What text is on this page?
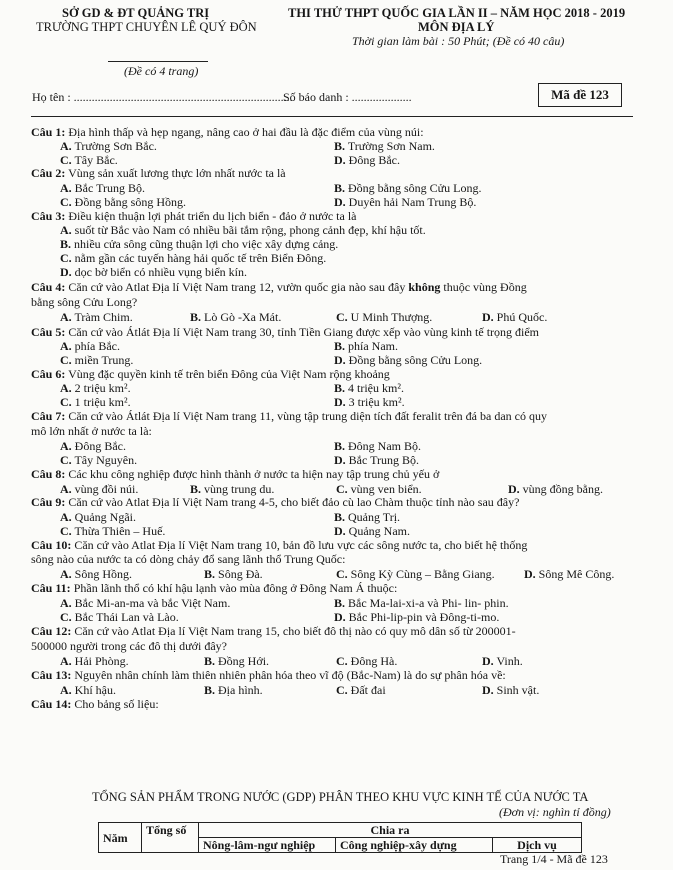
SỞ GD & ĐT QUẢNG TRỊ
TRƯỜNG THPT CHUYÊN LÊ QUÝ ĐÔN
THI THỬ THPT QUỐC GIA LẦN II – NĂM HỌC 2018 - 2019
MÔN ĐỊA LÝ
Thời gian làm bài : 50 Phút; (Đề có 40 câu)
(Đề có 4 trang)
Họ tên : .........................................................................
Số báo danh : ....................	Mã đề 123
Câu 1: Địa hình thấp và hẹp ngang, nâng cao ở hai đầu là đặc điểm của vùng núi:
A. Trường Sơn Bắc.	B. Trường Sơn Nam.
C. Tây Bắc.	D. Đông Bắc.
Câu 2: Vùng sản xuất lương thực lớn nhất nước ta là
A. Bắc Trung Bộ.	B. Đồng bằng sông Cửu Long.
C. Đồng bằng sông Hồng.	D. Duyên hải Nam Trung Bộ.
Câu 3: Điều kiện thuận lợi phát triển du lịch biển - đảo ở nước ta là
A. suốt từ Bắc vào Nam có nhiều bãi tắm rộng, phong cảnh đẹp, khí hậu tốt.
B. nhiều cửa sông cũng thuận lợi cho việc xây dựng cảng.
C. nằm gần các tuyến hàng hải quốc tế trên Biển Đông.
D. dọc bờ biển có nhiều vụng biển kín.
Câu 4: Căn cứ vào Atlat Địa lí Việt Nam trang 12, vườn quốc gia nào sau đây không thuộc vùng Đồng
bằng sông Cửu Long?
A. Tràm Chim.	B. Lò Gò -Xa Mát.	C. U Minh Thượng.	D. Phú Quốc.
Câu 5: Căn cứ vào Átlát Địa lí Việt Nam trang 30, tỉnh Tiền Giang được xếp vào vùng kinh tế trọng điểm
A. phía Bắc.	B. phía Nam.
C. miền Trung.	D. Đồng bằng sông Cửu Long.
Câu 6: Vùng đặc quyền kinh tế trên biển Đông của Việt Nam rộng khoảng
A. 2 triệu km².	B. 4 triệu km².
C. 1 triệu km².	D. 3 triệu km².
Câu 7: Căn cứ vào Átlát Địa lí Việt Nam trang 11, vùng tập trung diện tích đất feralit trên đá ba dan có quy
mô lớn nhất ở nước ta là:
A. Đông Bắc.	B. Đông Nam Bộ.
C. Tây Nguyên.	D. Bắc Trung Bộ.
Câu 8: Các khu công nghiệp được hình thành ở nước ta hiện nay tập trung chủ yếu ở
A. vùng đồi núi.	B. vùng trung du.	C. vùng ven biển.	D. vùng đồng bằng.
Câu 9: Căn cứ vào Atlat Địa lí Việt Nam trang 4-5, cho biết đảo cù lao Chàm thuộc tỉnh nào sau đây?
A. Quảng Ngãi.	B. Quảng Trị.
C. Thừa Thiên – Huế.	D. Quảng Nam.
Câu 10: Căn cứ vào Atlat Địa lí Việt Nam trang 10, bản đồ lưu vực các sông nước ta, cho biết hệ thống
sông nào của nước ta có dòng chảy đổ sang lãnh thổ Trung Quốc:
A. Sông Hồng.	B. Sông Đà.	C. Sông Kỳ Cùng – Bằng Giang. D. Sông Mê Công.
Câu 11: Phần lãnh thổ có khí hậu lạnh vào mùa đông ở Đông Nam Á thuộc:
A. Bắc Mi-an-ma và bắc Việt Nam.	B. Bắc Ma-lai-xi-a và Phi- lin- phin.
C. Bắc Thái Lan và Lào.	D. Bắc Phi-lip-pin và Đông-ti-mo.
Câu 12: Căn cứ vào Atlat Địa lí Việt Nam trang 15, cho biết đô thị nào có quy mô dân số từ 200001-
500000 người trong các đô thị dưới đây?
A. Hải Phòng.	B. Đồng Hới.	C. Đông Hà.	D. Vinh.
Câu 13: Nguyên nhân chính làm thiên nhiên phân hóa theo vĩ độ (Bắc-Nam) là do sự phân hóa về:
A. Khí hậu.	B. Địa hình.	C. Đất đai	D. Sinh vật.
Câu 14: Cho bảng số liệu:
TỔNG SẢN PHẨM TRONG NƯỚC (GDP) PHÂN THEO KHU VỰC KINH TẾ CỦA NƯỚC TA
(Đơn vị: nghìn tỉ đồng)
Năm	Tổng số	Chia ra		
		Nông-lâm-ngư nghiệp	Công nghiệp-xây dựng	Dịch vụ
Trang 1/4 - Mã đề 123
